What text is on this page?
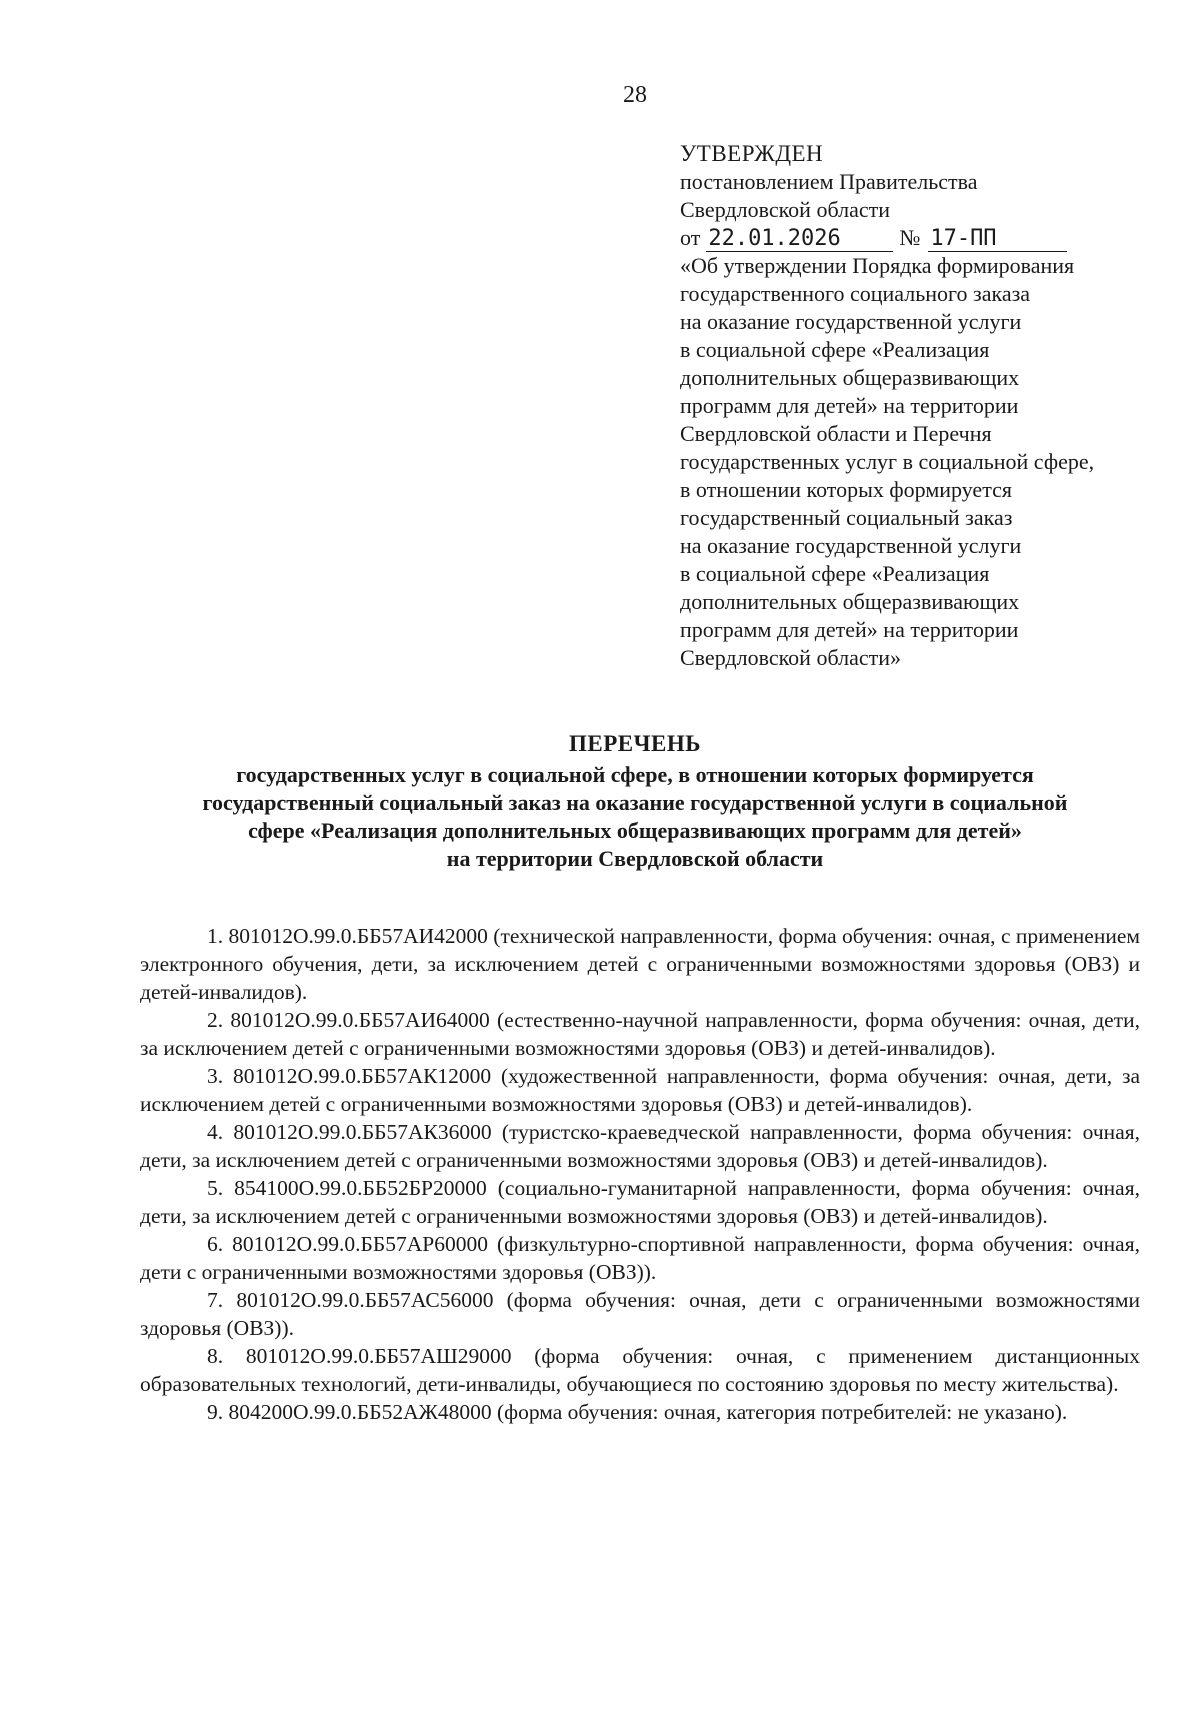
28
УТВЕРЖДЕН
постановлением Правительства
Свердловской области
от 22.01.2026	№ 17-ПП
«Об утверждении Порядка формирования
государственного социального заказа
на оказание государственной услуги
в социальной сфере «Реализация
дополнительных общеразвивающих
программ для детей» на территории
Свердловской области и Перечня
государственных услуг в социальной сфере,
в отношении которых формируется
государственный социальный заказ
на оказание государственной услуги
в социальной сфере «Реализация
дополнительных общеразвивающих
программ для детей» на территории
Свердловской области»
ПЕРЕЧЕНЬ
государственных услуг в социальной сфере, в отношении которых формируется
государственный социальный заказ на оказание государственной услуги в социальной
сфере «Реализация дополнительных общеразвивающих программ для детей»
на территории Свердловской области

1. 801012О.99.0.ББ57АИ42000 (технической направленности, форма обучения: очная, с применением электронного обучения, дети, за исключением детей с ограниченными возможностями здоровья (ОВЗ) и детей-инвалидов).

2. 801012О.99.0.ББ57АИ64000 (естественно-научной направленности, форма обучения: очная, дети, за исключением детей с ограниченными возможностями здоровья (ОВЗ) и детей-инвалидов).

3. 801012О.99.0.ББ57АК12000 (художественной направленности, форма обучения: очная, дети, за исключением детей с ограниченными возможностями здоровья (ОВЗ) и детей-инвалидов).

4. 801012О.99.0.ББ57АК36000 (туристско-краеведческой направленности, форма обучения: очная, дети, за исключением детей с ограниченными возможностями здоровья (ОВЗ) и детей-инвалидов).

5. 854100О.99.0.ББ52БР20000 (социально-гуманитарной направленности, форма обучения: очная, дети, за исключением детей с ограниченными возможностями здоровья (ОВЗ) и детей-инвалидов).

6. 801012О.99.0.ББ57АР60000 (физкультурно-спортивной направленности, форма обучения: очная, дети с ограниченными возможностями здоровья (ОВЗ)).

7. 801012О.99.0.ББ57АС56000 (форма обучения: очная, дети с ограниченными возможностями здоровья (ОВЗ)).

8. 801012О.99.0.ББ57АШ29000 (форма обучения: очная, с применением дистанционных образовательных технологий, дети-инвалиды, обучающиеся по состоянию здоровья по месту жительства).

9. 804200О.99.0.ББ52АЖ48000 (форма обучения: очная, категория потребителей: не указано).
